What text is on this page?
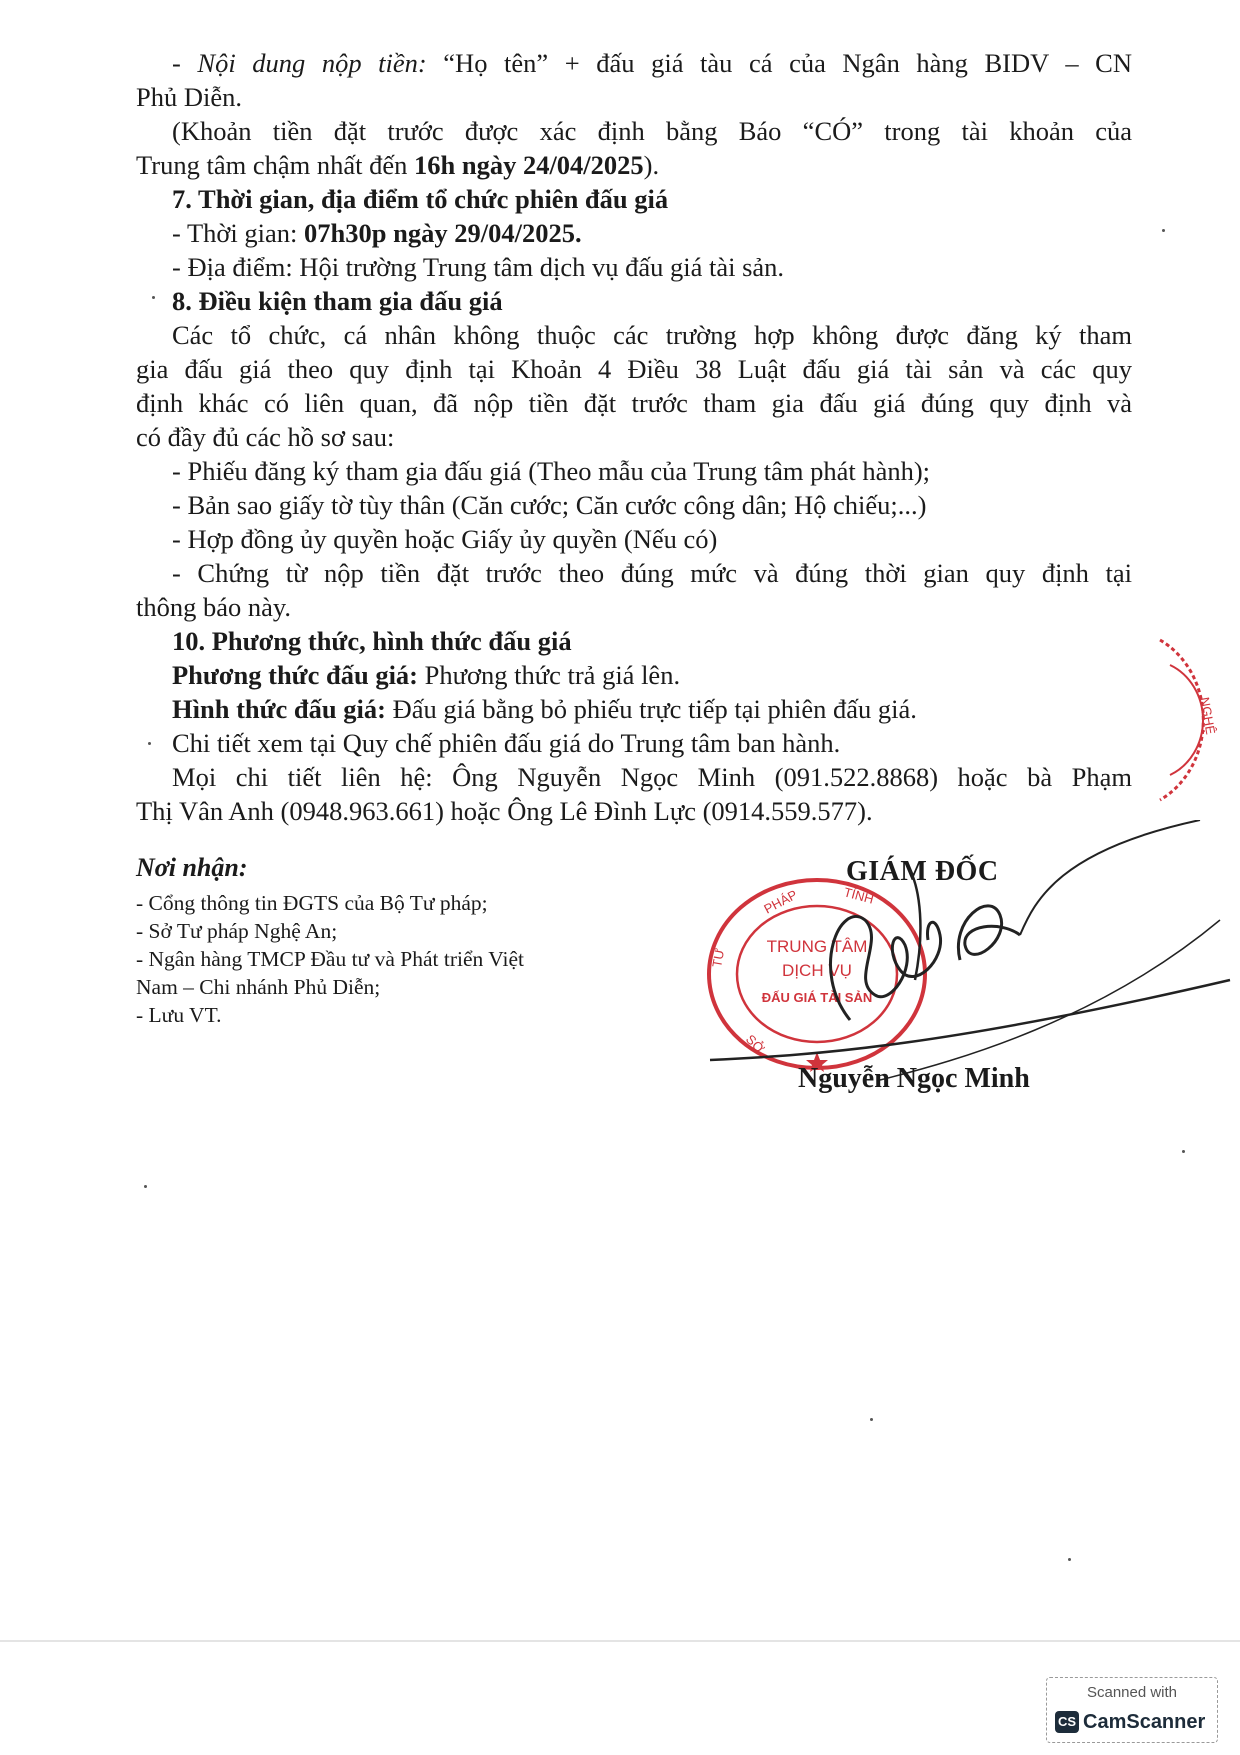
- Nội dung nộp tiền: “Họ tên” + đấu giá tàu cá của Ngân hàng BIDV – CN
Phủ Diễn.
(Khoản tiền đặt trước được xác định bằng Báo “CÓ” trong tài khoản của
Trung tâm chậm nhất đến 16h ngày 24/04/2025).
7. Thời gian, địa điểm tổ chức phiên đấu giá
- Thời gian: 07h30p ngày 29/04/2025.
- Địa điểm: Hội trường Trung tâm dịch vụ đấu giá tài sản.
8. Điều kiện tham gia đấu giá
Các tổ chức, cá nhân không thuộc các trường hợp không được đăng ký tham
gia đấu giá theo quy định tại Khoản 4 Điều 38 Luật đấu giá tài sản và các quy
định khác có liên quan, đã nộp tiền đặt trước tham gia đấu giá đúng quy định và
có đầy đủ các hồ sơ sau:
- Phiếu đăng ký tham gia đấu giá (Theo mẫu của Trung tâm phát hành);
- Bản sao giấy tờ tùy thân (Căn cước; Căn cước công dân; Hộ chiếu;...)
- Hợp đồng ủy quyền hoặc Giấy ủy quyền (Nếu có)
- Chứng từ nộp tiền đặt trước theo đúng mức và đúng thời gian quy định tại
thông báo này.
10. Phương thức, hình thức đấu giá
Phương thức đấu giá: Phương thức trả giá lên.
Hình thức đấu giá: Đấu giá bằng bỏ phiếu trực tiếp tại phiên đấu giá.
Chi tiết xem tại Quy chế phiên đấu giá do Trung tâm ban hành.
Mọi chi tiết liên hệ: Ông Nguyễn Ngọc Minh (091.522.8868) hoặc bà Phạm
Thị Vân Anh (0948.963.661) hoặc Ông Lê Đình Lực (0914.559.577).
Nơi nhận:
- Cổng thông tin ĐGTS của Bộ Tư pháp;
- Sở Tư pháp Nghệ An;
- Ngân hàng TMCP Đầu tư và Phát triển Việt
Nam – Chi nhánh Phủ Diễn;
- Lưu VT.
GIÁM ĐỐC
PHÁP	TỈNH
TƯ
SỞ
TRUNG TÂM
DỊCH VỤ
ĐẤU GIÁ TÀI SẢN
NGHỆ
Nguyễn Ngọc Minh
Scanned with
CS CamScanner
